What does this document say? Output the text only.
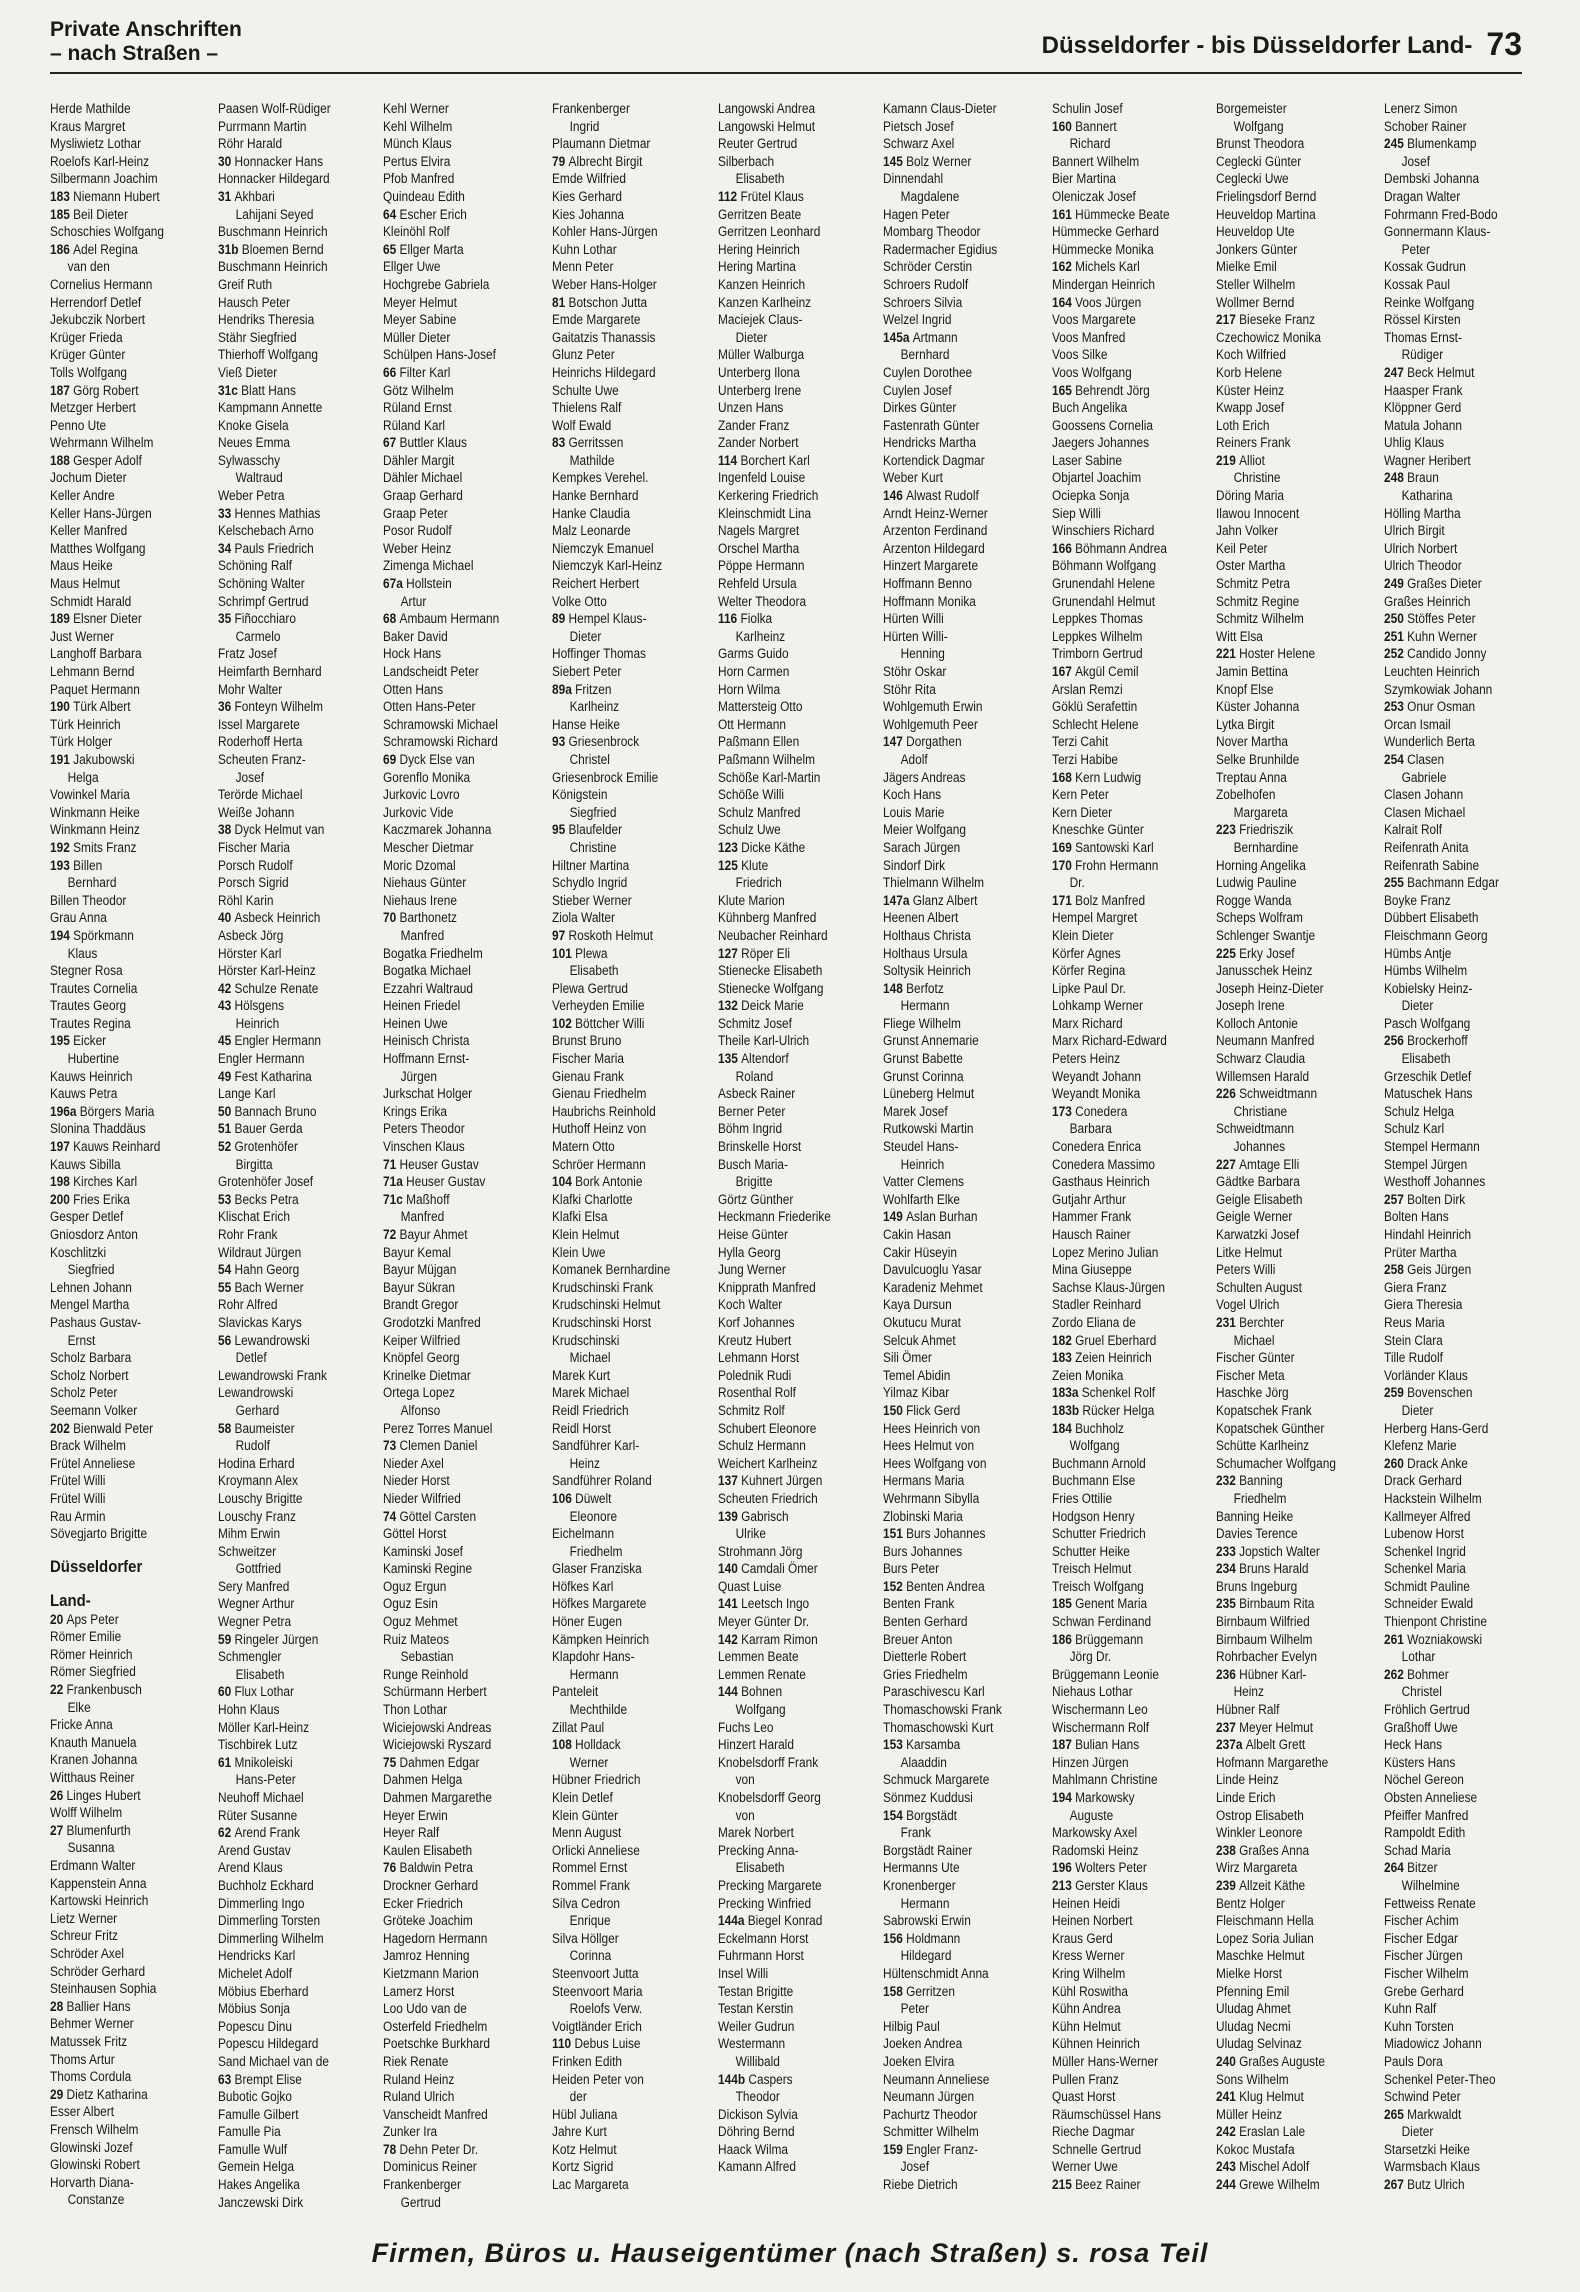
Private Anschriften
– nach Straßen –	Düsseldorfer - bis Düsseldorfer Land- 73
Herde Mathilde
Kraus Margret
Mysliwietz Lothar
Roelofs Karl-Heinz
Silbermann Joachim
183 Niemann Hubert
185 Beil Dieter
Schoschies Wolfgang
186 Adel Regina
van den
Cornelius Hermann
Herrendorf Detlef
Jekubczik Norbert
Krüger Frieda
Krüger Günter
Tolls Wolfgang
187 Görg Robert
Metzger Herbert
Penno Ute
Wehrmann Wilhelm
188 Gesper Adolf
Jochum Dieter
Keller Andre
Keller Hans-Jürgen
Keller Manfred
Matthes Wolfgang
Maus Heike
Maus Helmut
Schmidt Harald
189 Elsner Dieter
Just Werner
Langhoff Barbara
Lehmann Bernd
Paquet Hermann
190 Türk Albert
Türk Heinrich
Türk Holger
191 Jakubowski
Helga
Vowinkel Maria
Winkmann Heike
Winkmann Heinz
192 Smits Franz
193 Billen
Bernhard
Billen Theodor
Grau Anna
194 Spörkmann
Klaus
Stegner Rosa
Trautes Cornelia
Trautes Georg
Trautes Regina
195 Eicker
Hubertine
Kauws Heinrich
Kauws Petra
196a Börgers Maria
Slonina Thaddäus
197 Kauws Reinhard
Kauws Sibilla
198 Kirches Karl
200 Fries Erika
Gesper Detlef
Gniosdorz Anton
Koschlitzki
Siegfried
Lehnen Johann
Mengel Martha
Pashaus Gustav-
Ernst
Scholz Barbara
Scholz Norbert
Scholz Peter
Seemann Volker
202 Bienwald Peter
Brack Wilhelm
Frütel Anneliese
Frütel Willi
Frütel Willi
Rau Armin
Sövegjarto Brigitte
Düsseldorfer
Land-
20 Aps Peter
Römer Emilie
Römer Heinrich
Römer Siegfried
22 Frankenbusch
Elke
Fricke Anna
Knauth Manuela
Kranen Johanna
Witthaus Reiner
26 Linges Hubert
Wolff Wilhelm
27 Blumenfurth
Susanna
Erdmann Walter
Kappenstein Anna
Kartowski Heinrich
Lietz Werner
Schreur Fritz
Schröder Axel
Schröder Gerhard
Steinhausen Sophia
28 Ballier Hans
Behmer Werner
Matussek Fritz
Thoms Artur
Thoms Cordula
29 Dietz Katharina
Esser Albert
Frensch Wilhelm
Glowinski Jozef
Glowinski Robert
Horvarth Diana-
Constanze
Paasen Wolf-Rüdiger
Purrmann Martin
Röhr Harald
30 Honnacker Hans
Honnacker Hildegard
31 Akhbari
Lahijani Seyed
Buschmann Heinrich
31b Bloemen Bernd
Buschmann Heinrich
Greif Ruth
Hausch Peter
Hendriks Theresia
Stähr Siegfried
Thierhoff Wolfgang
Vieß Dieter
31c Blatt Hans
Kampmann Annette
Knoke Gisela
Neues Emma
Sylwasschy
Waltraud
Weber Petra
33 Hennes Mathias
Kelschebach Arno
34 Pauls Friedrich
Schöning Ralf
Schöning Walter
Schrimpf Gertrud
35 Fiñocchiaro
Carmelo
Fratz Josef
Heimfarth Bernhard
Mohr Walter
36 Fonteyn Wilhelm
Issel Margarete
Roderhoff Herta
Scheuten Franz-
Josef
Terörde Michael
Weiße Johann
38 Dyck Helmut van
Fischer Maria
Porsch Rudolf
Porsch Sigrid
Röhl Karin
40 Asbeck Heinrich
Asbeck Jörg
Hörster Karl
Hörster Karl-Heinz
42 Schulze Renate
43 Hölsgens
Heinrich
45 Engler Hermann
Engler Hermann
49 Fest Katharina
Lange Karl
50 Bannach Bruno
51 Bauer Gerda
52 Grotenhöfer
Birgitta
Grotenhöfer Josef
53 Becks Petra
Klischat Erich
Rohr Frank
Wildraut Jürgen
54 Hahn Georg
55 Bach Werner
Rohr Alfred
Slavickas Karys
56 Lewandrowski
Detlef
Lewandrowski Frank
Lewandrowski
Gerhard
58 Baumeister
Rudolf
Hodina Erhard
Kroymann Alex
Louschy Brigitte
Louschy Franz
Mihm Erwin
Schweitzer
Gottfried
Sery Manfred
Wegner Arthur
Wegner Petra
59 Ringeler Jürgen
Schmengler
Elisabeth
60 Flux Lothar
Hohn Klaus
Möller Karl-Heinz
Tischbirek Lutz
61 Mnikoleiski
Hans-Peter
Neuhoff Michael
Rüter Susanne
62 Arend Frank
Arend Gustav
Arend Klaus
Buchholz Eckhard
Dimmerling Ingo
Dimmerling Torsten
Dimmerling Wilhelm
Hendricks Karl
Michelet Adolf
Möbius Eberhard
Möbius Sonja
Popescu Dinu
Popescu Hildegard
Sand Michael van de
63 Brempt Elise
Bubotic Gojko
Famulle Gilbert
Famulle Pia
Famulle Wulf
Gemein Helga
Hakes Angelika
Janczewski Dirk
Kehl Werner
Kehl Wilhelm
Münch Klaus
Pertus Elvira
Pfob Manfred
Quindeau Edith
64 Escher Erich
Kleinöhl Rolf
65 Ellger Marta
Ellger Uwe
Hochgrebe Gabriela
Meyer Helmut
Meyer Sabine
Müller Dieter
Schülpen Hans-Josef
66 Filter Karl
Götz Wilhelm
Rüland Ernst
Rüland Karl
67 Buttler Klaus
Dähler Margit
Dähler Michael
Graap Gerhard
Graap Peter
Posor Rudolf
Weber Heinz
Zimenga Michael
67a Hollstein
Artur
68 Ambaum Hermann
Baker David
Hock Hans
Landscheidt Peter
Otten Hans
Otten Hans-Peter
Schramowski Michael
Schramowski Richard
69 Dyck Else van
Gorenflo Monika
Jurkovic Lovro
Jurkovic Vide
Kaczmarek Johanna
Mescher Dietmar
Moric Dzomal
Niehaus Günter
Niehaus Irene
70 Barthonetz
Manfred
Bogatka Friedhelm
Bogatka Michael
Ezzahri Waltraud
Heinen Friedel
Heinen Uwe
Heinisch Christa
Hoffmann Ernst-
Jürgen
Jurkschat Holger
Krings Erika
Peters Theodor
Vinschen Klaus
71 Heuser Gustav
71a Heuser Gustav
71c Maßhoff
Manfred
72 Bayur Ahmet
Bayur Kemal
Bayur Müjgan
Bayur Sükran
Brandt Gregor
Grodotzki Manfred
Keiper Wilfried
Knöpfel Georg
Krinelke Dietmar
Ortega Lopez
Alfonso
Perez Torres Manuel
73 Clemen Daniel
Nieder Axel
Nieder Horst
Nieder Wilfried
74 Göttel Carsten
Göttel Horst
Kaminski Josef
Kaminski Regine
Oguz Ergun
Oguz Esin
Oguz Mehmet
Ruiz Mateos
Sebastian
Runge Reinhold
Schürmann Herbert
Thon Lothar
Wiciejowski Andreas
Wiciejowski Ryszard
75 Dahmen Edgar
Dahmen Helga
Dahmen Margarethe
Heyer Erwin
Heyer Ralf
Kaulen Elisabeth
76 Baldwin Petra
Drockner Gerhard
Ecker Friedrich
Gröteke Joachim
Hagedorn Hermann
Jamroz Henning
Kietzmann Marion
Lamerz Horst
Loo Udo van de
Osterfeld Friedhelm
Poetschke Burkhard
Riek Renate
Ruland Heinz
Ruland Ulrich
Vanscheidt Manfred
Zunker Ira
78 Dehn Peter Dr.
Dominicus Reiner
Frankenberger
Gertrud
Frankenberger
Ingrid
Plaumann Dietmar
79 Albrecht Birgit
Emde Wilfried
Kies Gerhard
Kies Johanna
Kohler Hans-Jürgen
Kuhn Lothar
Menn Peter
Weber Hans-Holger
81 Botschon Jutta
Emde Margarete
Gaitatzis Thanassis
Glunz Peter
Heinrichs Hildegard
Schulte Uwe
Thielens Ralf
Wolf Ewald
83 Gerritssen
Mathilde
Kempkes Verehel.
Hanke Bernhard
Hanke Claudia
Malz Leonarde
Niemczyk Emanuel
Niemczyk Karl-Heinz
Reichert Herbert
Volke Otto
89 Hempel Klaus-
Dieter
Hoffinger Thomas
Siebert Peter
89a Fritzen
Karlheinz
Hanse Heike
93 Griesenbrock
Christel
Griesenbrock Emilie
Königstein
Siegfried
95 Blaufelder
Christine
Hiltner Martina
Schydlo Ingrid
Stieber Werner
Ziola Walter
97 Roskoth Helmut
101 Plewa
Elisabeth
Plewa Gertrud
Verheyden Emilie
102 Böttcher Willi
Brunst Bruno
Fischer Maria
Gienau Frank
Gienau Friedhelm
Haubrichs Reinhold
Huthoff Heinz von
Matern Otto
Schröer Hermann
104 Bork Antonie
Klafki Charlotte
Klafki Elsa
Klein Helmut
Klein Uwe
Komanek Bernhardine
Krudschinski Frank
Krudschinski Helmut
Krudschinski Horst
Krudschinski
Michael
Marek Kurt
Marek Michael
Reidl Friedrich
Reidl Horst
Sandführer Karl-
Heinz
Sandführer Roland
106 Düwelt
Eleonore
Eichelmann
Friedhelm
Glaser Franziska
Höfkes Karl
Höfkes Margarete
Höner Eugen
Kämpken Heinrich
Klapdohr Hans-
Hermann
Panteleit
Mechthilde
Zillat Paul
108 Holldack
Werner
Hübner Friedrich
Klein Detlef
Klein Günter
Menn August
Orlicki Anneliese
Rommel Ernst
Rommel Frank
Silva Cedron
Enrique
Silva Höllger
Corinna
Steenvoort Jutta
Steenvoort Maria
Roelofs Verw.
Voigtländer Erich
110 Debus Luise
Frinken Edith
Heiden Peter von
der
Hübl Juliana
Jahre Kurt
Kotz Helmut
Kortz Sigrid
Lac Margareta
Langowski Andrea
Langowski Helmut
Reuter Gertrud
Silberbach
Elisabeth
112 Frütel Klaus
Gerritzen Beate
Gerritzen Leonhard
Hering Heinrich
Hering Martina
Kanzen Heinrich
Kanzen Karlheinz
Maciejek Claus-
Dieter
Müller Walburga
Unterberg Ilona
Unterberg Irene
Unzen Hans
Zander Franz
Zander Norbert
114 Borchert Karl
Ingenfeld Louise
Kerkering Friedrich
Kleinschmidt Lina
Nagels Margret
Orschel Martha
Pöppe Hermann
Rehfeld Ursula
Welter Theodora
116 Fiolka
Karlheinz
Garms Guido
Horn Carmen
Horn Wilma
Mattersteig Otto
Ott Hermann
Paßmann Ellen
Paßmann Wilhelm
Schöße Karl-Martin
Schöße Willi
Schulz Manfred
Schulz Uwe
123 Dicke Käthe
125 Klute
Friedrich
Klute Marion
Kühnberg Manfred
Neubacher Reinhard
127 Röper Eli
Stienecke Elisabeth
Stienecke Wolfgang
132 Deick Marie
Schmitz Josef
Theile Karl-Ulrich
135 Altendorf
Roland
Asbeck Rainer
Berner Peter
Böhm Ingrid
Brinskelle Horst
Busch Maria-
Brigitte
Görtz Günther
Heckmann Friederike
Heise Günter
Hylla Georg
Jung Werner
Knipprath Manfred
Koch Walter
Korf Johannes
Kreutz Hubert
Lehmann Horst
Polednik Rudi
Rosenthal Rolf
Schmitz Rolf
Schubert Eleonore
Schulz Hermann
Weichert Karlheinz
137 Kuhnert Jürgen
Scheuten Friedrich
139 Gabrisch
Ulrike
Strohmann Jörg
140 Camdali Ömer
Quast Luise
141 Leetsch Ingo
Meyer Günter Dr.
142 Karram Rimon
Lemmen Beate
Lemmen Renate
144 Bohnen
Wolfgang
Fuchs Leo
Hinzert Harald
Knobelsdorff Frank
von
Knobelsdorff Georg
von
Marek Norbert
Precking Anna-
Elisabeth
Precking Margarete
Precking Winfried
144a Biegel Konrad
Eckelmann Horst
Fuhrmann Horst
Insel Willi
Testan Brigitte
Testan Kerstin
Weiler Gudrun
Westermann
Willibald
144b Caspers
Theodor
Dickison Sylvia
Döhring Bernd
Haack Wilma
Kamann Alfred
Kamann Claus-Dieter
Pietsch Josef
Schwarz Axel
145 Bolz Werner
Dinnendahl
Magdalene
Hagen Peter
Mombarg Theodor
Radermacher Egidius
Schröder Cerstin
Schroers Rudolf
Schroers Silvia
Welzel Ingrid
145a Artmann
Bernhard
Cuylen Dorothee
Cuylen Josef
Dirkes Günter
Fastenrath Günter
Hendricks Martha
Kortendick Dagmar
Weber Kurt
146 Alwast Rudolf
Arndt Heinz-Werner
Arzenton Ferdinand
Arzenton Hildegard
Hinzert Margarete
Hoffmann Benno
Hoffmann Monika
Hürten Willi
Hürten Willi-
Henning
Stöhr Oskar
Stöhr Rita
Wohlgemuth Erwin
Wohlgemuth Peer
147 Dorgathen
Adolf
Jägers Andreas
Koch Hans
Louis Marie
Meier Wolfgang
Sarach Jürgen
Sindorf Dirk
Thielmann Wilhelm
147a Glanz Albert
Heenen Albert
Holthaus Christa
Holthaus Ursula
Soltysik Heinrich
148 Berfotz
Hermann
Fliege Wilhelm
Grunst Annemarie
Grunst Babette
Grunst Corinna
Lüneberg Helmut
Marek Josef
Rutkowski Martin
Steudel Hans-
Heinrich
Vatter Clemens
Wohlfarth Elke
149 Aslan Burhan
Cakin Hasan
Cakir Hüseyin
Davulcuoglu Yasar
Karadeniz Mehmet
Kaya Dursun
Okutucu Murat
Selcuk Ahmet
Sili Ömer
Temel Abidin
Yilmaz Kibar
150 Flick Gerd
Hees Heinrich von
Hees Helmut von
Hees Wolfgang von
Hermans Maria
Wehrmann Sibylla
Zlobinski Maria
151 Burs Johannes
Burs Johannes
Burs Peter
152 Benten Andrea
Benten Frank
Benten Gerhard
Breuer Anton
Dietterle Robert
Gries Friedhelm
Paraschivescu Karl
Thomaschowski Frank
Thomaschowski Kurt
153 Karsamba
Alaaddin
Schmuck Margarete
Sönmez Kuddusi
154 Borgstädt
Frank
Borgstädt Rainer
Hermanns Ute
Kronenberger
Hermann
Sabrowski Erwin
156 Holdmann
Hildegard
Hültenschmidt Anna
158 Gerritzen
Peter
Hilbig Paul
Joeken Andrea
Joeken Elvira
Neumann Anneliese
Neumann Jürgen
Pachurtz Theodor
Schmitter Wilhelm
159 Engler Franz-
Josef
Riebe Dietrich
Schulin Josef
160 Bannert
Richard
Bannert Wilhelm
Bier Martina
Oleniczak Josef
161 Hümmecke Beate
Hümmecke Gerhard
Hümmecke Monika
162 Michels Karl
Mindergan Heinrich
164 Voos Jürgen
Voos Margarete
Voos Manfred
Voos Silke
Voos Wolfgang
165 Behrendt Jörg
Buch Angelika
Goossens Cornelia
Jaegers Johannes
Laser Sabine
Objartel Joachim
Ociepka Sonja
Siep Willi
Winschiers Richard
166 Böhmann Andrea
Böhmann Wolfgang
Grunendahl Helene
Grunendahl Helmut
Leppkes Thomas
Leppkes Wilhelm
Trimborn Gertrud
167 Akgül Cemil
Arslan Remzi
Göklü Serafettin
Schlecht Helene
Terzi Cahit
Terzi Habibe
168 Kern Ludwig
Kern Peter
Kern Dieter
Kneschke Günter
169 Santowski Karl
170 Frohn Hermann
Dr.
171 Bolz Manfred
Hempel Margret
Klein Dieter
Körfer Agnes
Körfer Regina
Lipke Paul Dr.
Lohkamp Werner
Marx Richard
Marx Richard-Edward
Peters Heinz
Weyandt Johann
Weyandt Monika
173 Conedera
Barbara
Conedera Enrica
Conedera Massimo
Gasthaus Heinrich
Gutjahr Arthur
Hammer Frank
Hausch Rainer
Lopez Merino Julian
Mina Giuseppe
Sachse Klaus-Jürgen
Stadler Reinhard
Zordo Eliana de
182 Gruel Eberhard
183 Zeien Heinrich
Zeien Monika
183a Schenkel Rolf
183b Rücker Helga
184 Buchholz
Wolfgang
Buchmann Arnold
Buchmann Else
Fries Ottilie
Hodgson Henry
Schutter Friedrich
Schutter Heike
Treisch Helmut
Treisch Wolfgang
185 Genent Maria
Schwan Ferdinand
186 Brüggemann
Jörg Dr.
Brüggemann Leonie
Niehaus Lothar
Wischermann Leo
Wischermann Rolf
187 Bulian Hans
Hinzen Jürgen
Mahlmann Christine
194 Markowsky
Auguste
Markowsky Axel
Radomski Heinz
196 Wolters Peter
213 Gerster Klaus
Heinen Heidi
Heinen Norbert
Kraus Gerd
Kress Werner
Kring Wilhelm
Kühl Roswitha
Kühn Andrea
Kühn Helmut
Kühnen Heinrich
Müller Hans-Werner
Pullen Franz
Quast Horst
Räumschüssel Hans
Rieche Dagmar
Schnelle Gertrud
Werner Uwe
215 Beez Rainer
Borgemeister
Wolfgang
Brunst Theodora
Ceglecki Günter
Ceglecki Uwe
Frielingsdorf Bernd
Heuveldop Martina
Heuveldop Ute
Jonkers Günter
Mielke Emil
Steller Wilhelm
Wollmer Bernd
217 Bieseke Franz
Czechowicz Monika
Koch Wilfried
Korb Helene
Küster Heinz
Kwapp Josef
Loth Erich
Reiners Frank
219 Alliot
Christine
Döring Maria
Ilawou Innocent
Jahn Volker
Keil Peter
Oster Martha
Schmitz Petra
Schmitz Regine
Schmitz Wilhelm
Witt Elsa
221 Hoster Helene
Jamin Bettina
Knopf Else
Küster Johanna
Lytka Birgit
Nover Martha
Selke Brunhilde
Treptau Anna
Zobelhofen
Margareta
223 Friedriszik
Bernhardine
Horning Angelika
Ludwig Pauline
Rogge Wanda
Scheps Wolfram
Schlenger Swantje
225 Erky Josef
Janusschek Heinz
Joseph Heinz-Dieter
Joseph Irene
Kolloch Antonie
Neumann Manfred
Schwarz Claudia
Willemsen Harald
226 Schweidtmann
Christiane
Schweidtmann
Johannes
227 Amtage Elli
Gädtke Barbara
Geigle Elisabeth
Geigle Werner
Karwatzki Josef
Litke Helmut
Peters Willi
Schulten August
Vogel Ulrich
231 Berchter
Michael
Fischer Günter
Fischer Meta
Haschke Jörg
Kopatschek Frank
Kopatschek Günther
Schütte Karlheinz
Schumacher Wolfgang
232 Banning
Friedhelm
Banning Heike
Davies Terence
233 Jopstich Walter
234 Bruns Harald
Bruns Ingeburg
235 Birnbaum Rita
Birnbaum Wilfried
Birnbaum Wilhelm
Rohrbacher Evelyn
236 Hübner Karl-
Heinz
Hübner Ralf
237 Meyer Helmut
237a Albelt Grett
Hofmann Margarethe
Linde Heinz
Linde Erich
Ostrop Elisabeth
Winkler Leonore
238 Graßes Anna
Wirz Margareta
239 Allzeit Käthe
Bentz Holger
Fleischmann Hella
Lopez Soria Julian
Maschke Helmut
Mielke Horst
Pfenning Emil
Uludag Ahmet
Uludag Necmi
Uludag Selvinaz
240 Graßes Auguste
Sons Wilhelm
241 Klug Helmut
Müller Heinz
242 Eraslan Lale
Kokoc Mustafa
243 Mischel Adolf
244 Grewe Wilhelm
Lenerz Simon
Schober Rainer
245 Blumenkamp
Josef
Dembski Johanna
Dragan Walter
Fohrmann Fred-Bodo
Gonnermann Klaus-
Peter
Kossak Gudrun
Kossak Paul
Reinke Wolfgang
Rössel Kirsten
Thomas Ernst-
Rüdiger
247 Beck Helmut
Haasper Frank
Klöppner Gerd
Matula Johann
Uhlig Klaus
Wagner Heribert
248 Braun
Katharina
Hölling Martha
Ulrich Birgit
Ulrich Norbert
Ulrich Theodor
249 Graßes Dieter
Graßes Heinrich
250 Stöffes Peter
251 Kuhn Werner
252 Candido Jonny
Leuchten Heinrich
Szymkowiak Johann
253 Onur Osman
Orcan Ismail
Wunderlich Berta
254 Clasen
Gabriele
Clasen Johann
Clasen Michael
Kalrait Rolf
Reifenrath Anita
Reifenrath Sabine
255 Bachmann Edgar
Boyke Franz
Dübbert Elisabeth
Fleischmann Georg
Hümbs Antje
Hümbs Wilhelm
Kobielsky Heinz-
Dieter
Pasch Wolfgang
256 Brockerhoff
Elisabeth
Grzeschik Detlef
Matuschek Hans
Schulz Helga
Schulz Karl
Stempel Hermann
Stempel Jürgen
Westhoff Johannes
257 Bolten Dirk
Bolten Hans
Hindahl Heinrich
Prüter Martha
258 Geis Jürgen
Giera Franz
Giera Theresia
Reus Maria
Stein Clara
Tille Rudolf
Vorländer Klaus
259 Bovenschen
Dieter
Herberg Hans-Gerd
Klefenz Marie
260 Drack Anke
Drack Gerhard
Hackstein Wilhelm
Kallmeyer Alfred
Lubenow Horst
Schenkel Ingrid
Schenkel Maria
Schmidt Pauline
Schneider Ewald
Thienpont Christine
261 Wozniakowski
Lothar
262 Bohmer
Christel
Fröhlich Gertrud
Graßhoff Uwe
Heck Hans
Küsters Hans
Nöchel Gereon
Obsten Anneliese
Pfeiffer Manfred
Rampoldt Edith
Schad Maria
264 Bitzer
Wilhelmine
Fettweiss Renate
Fischer Achim
Fischer Edgar
Fischer Jürgen
Fischer Wilhelm
Grebe Gerhard
Kuhn Ralf
Kuhn Torsten
Miadowicz Johann
Pauls Dora
Schenkel Peter-Theo
Schwind Peter
265 Markwaldt
Dieter
Starsetzki Heike
Warmsbach Klaus
267 Butz Ulrich
Firmen, Büros u. Hauseigentümer (nach Straßen) s. rosa Teil
